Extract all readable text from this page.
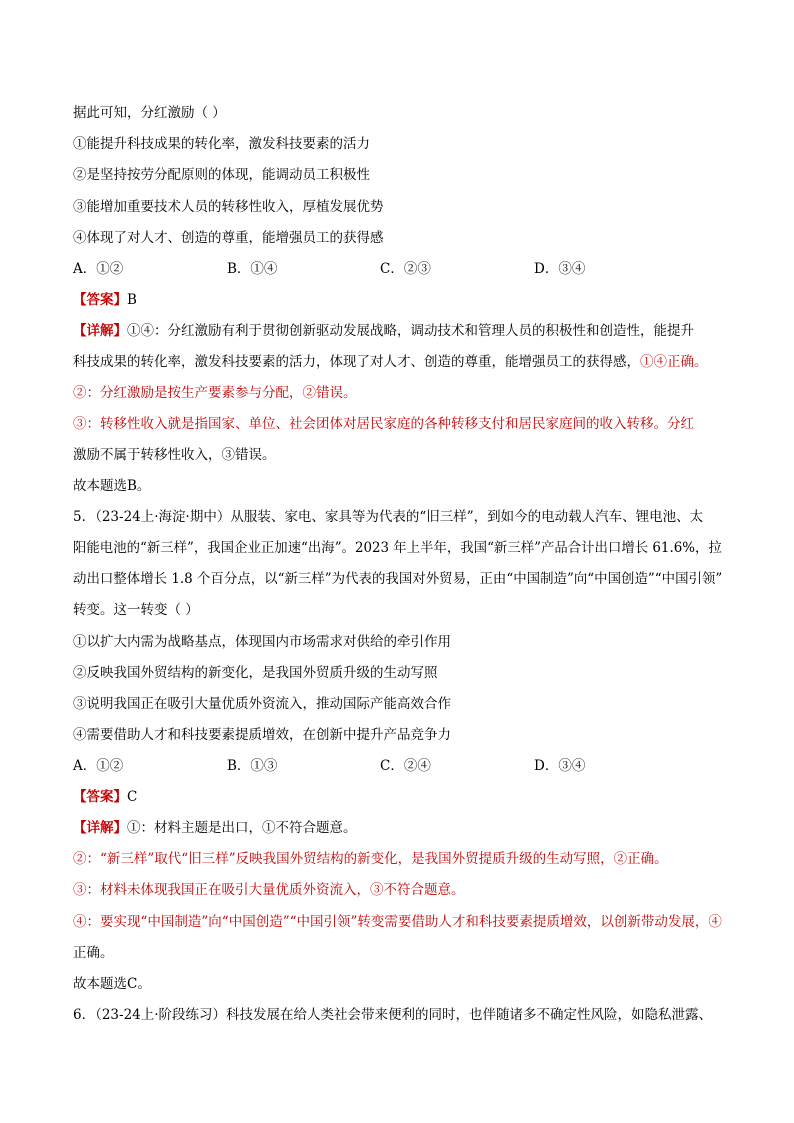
据此可知，分红激励（ ）
①能提升科技成果的转化率，激发科技要素的活力
②是坚持按劳分配原则的体现，能调动员工积极性
③能增加重要技术人员的转移性收入，厚植发展优势
④体现了对人才、创造的尊重，能增强员工的获得感
A．①②	B．①④	C．②③	D．③④
【答案】B
【详解】①④：分红激励有利于贯彻创新驱动发展战略，调动技术和管理人员的积极性和创造性，能提升
科技成果的转化率，激发科技要素的活力，体现了对人才、创造的尊重，能增强员工的获得感，①④正确。
②：分红激励是按生产要素参与分配，②错误。
③：转移性收入就是指国家、单位、社会团体对居民家庭的各种转移支付和居民家庭间的收入转移。分红
激励不属于转移性收入，③错误。
故本题选B。
5．（23-24上·海淀·期中）从服装、家电、家具等为代表的“旧三样”，到如今的电动载人汽车、锂电池、太
阳能电池的“新三样”，我国企业正加速“出海”。2023 年上半年，我国“新三样”产品合计出口增长 61.6%，拉
动出口整体增长 1.8 个百分点，以“新三样”为代表的我国对外贸易，正由“中国制造”向“中国创造”“中国引领”
转变。这一转变（ ）
①以扩大内需为战略基点，体现国内市场需求对供给的牵引作用
②反映我国外贸结构的新变化，是我国外贸质升级的生动写照
③说明我国正在吸引大量优质外资流入，推动国际产能高效合作
④需要借助人才和科技要素提质增效，在创新中提升产品竞争力
A．①②	B．①③	C．②④	D．③④
【答案】C
【详解】①：材料主题是出口，①不符合题意。
②：“新三样”取代“旧三样”反映我国外贸结构的新变化，是我国外贸提质升级的生动写照，②正确。
③：材料未体现我国正在吸引大量优质外资流入，③不符合题意。
④：要实现“中国制造”向“中国创造”“中国引领”转变需要借助人才和科技要素提质增效，以创新带动发展，④
正确。
故本题选C。
6．（23-24上·阶段练习）科技发展在给人类社会带来便利的同时，也伴随诸多不确定性风险，如隐私泄露、
